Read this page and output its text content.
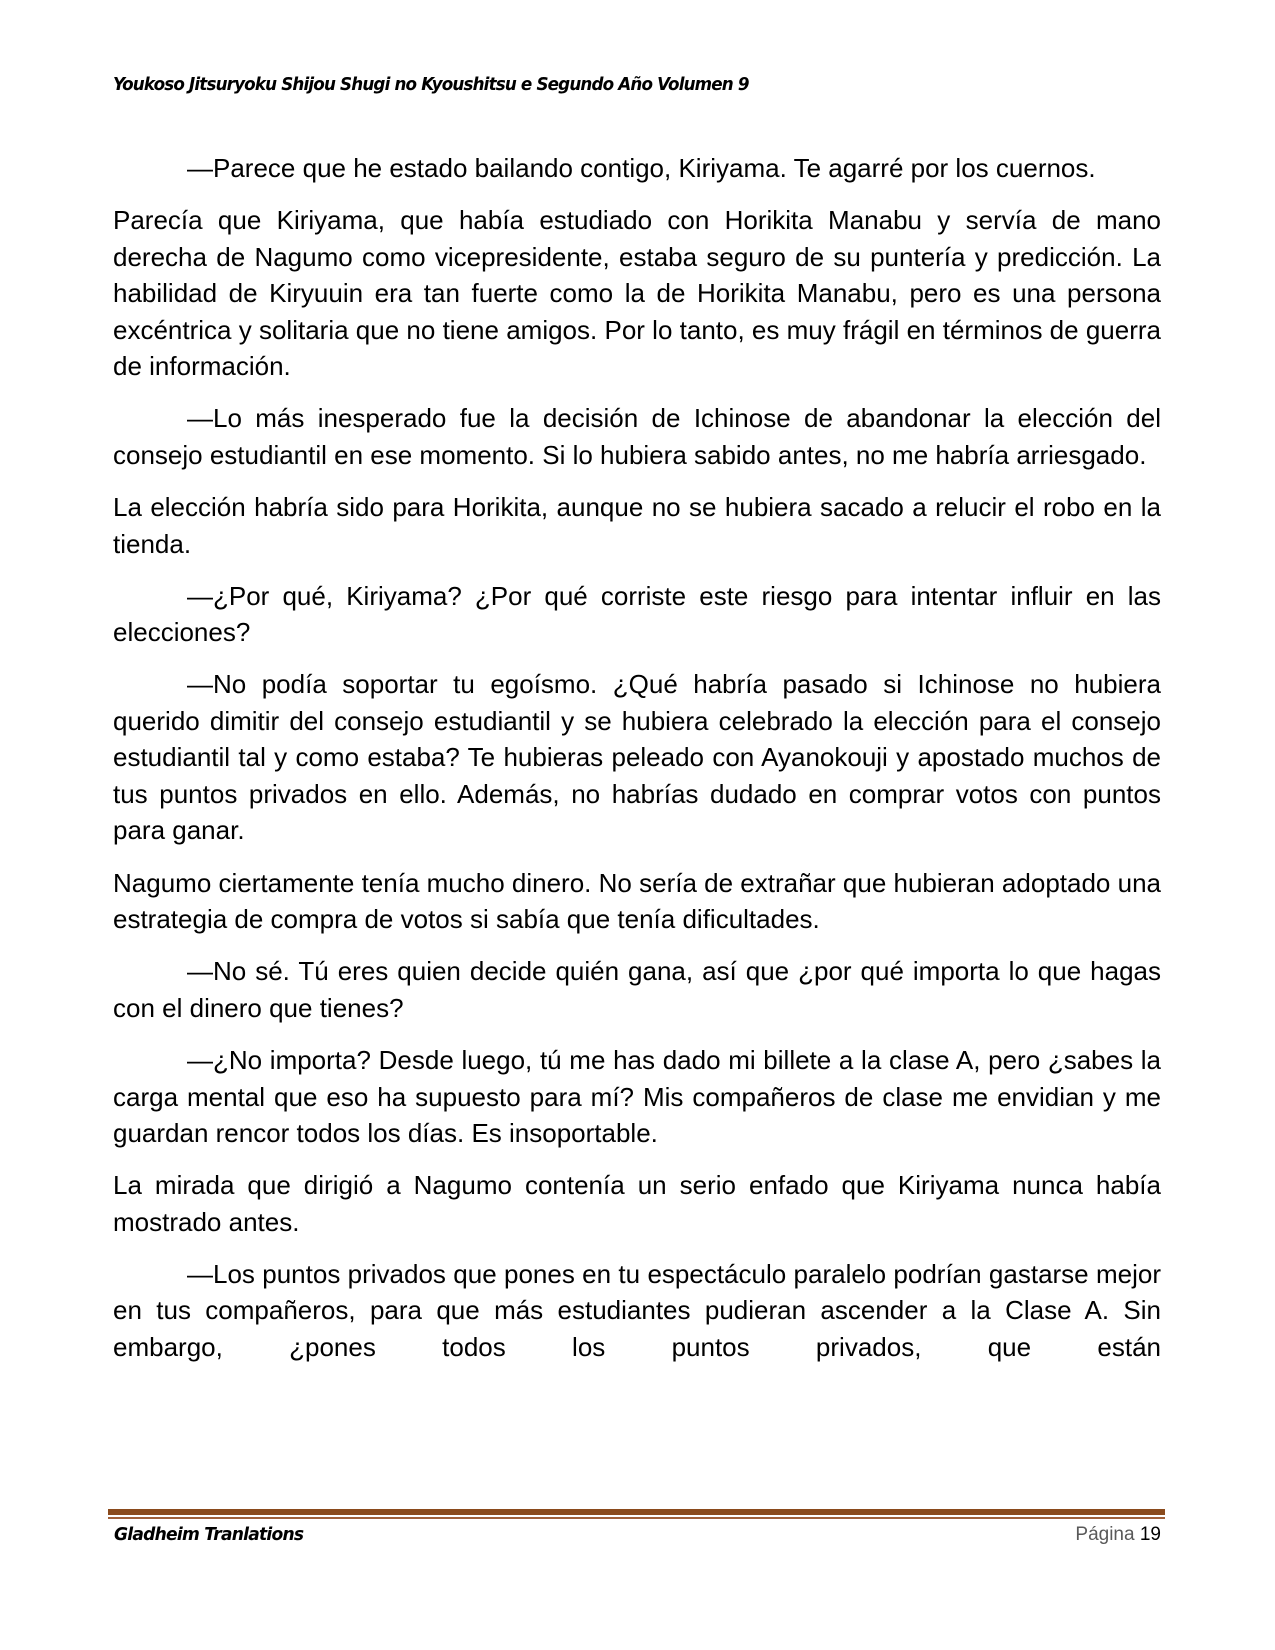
Youkoso Jitsuryoku Shijou Shugi no Kyoushitsu e Segundo Año Volumen 9

—Parece que he estado bailando contigo, Kiriyama. Te agarré por los cuernos.

Parecía que Kiriyama, que había estudiado con Horikita Manabu y servía de mano derecha de Nagumo como vicepresidente, estaba seguro de su puntería y predicción. La habilidad de Kiryuuin era tan fuerte como la de Horikita Manabu, pero es una persona excéntrica y solitaria que no tiene amigos. Por lo tanto, es muy frágil en términos de guerra de información.

—Lo más inesperado fue la decisión de Ichinose de abandonar la elección del consejo estudiantil en ese momento. Si lo hubiera sabido antes, no me habría arriesgado.

La elección habría sido para Horikita, aunque no se hubiera sacado a relucir el robo en la tienda.

—¿Por qué, Kiriyama? ¿Por qué corriste este riesgo para intentar influir en las elecciones?

—No podía soportar tu egoísmo. ¿Qué habría pasado si Ichinose no hubiera querido dimitir del consejo estudiantil y se hubiera celebrado la elección para el consejo estudiantil tal y como estaba? Te hubieras peleado con Ayanokouji y apostado muchos de tus puntos privados en ello. Además, no habrías dudado en comprar votos con puntos para ganar.

Nagumo ciertamente tenía mucho dinero. No sería de extrañar que hubieran adoptado una estrategia de compra de votos si sabía que tenía dificultades.

—No sé. Tú eres quien decide quién gana, así que ¿por qué importa lo que hagas con el dinero que tienes?

—¿No importa? Desde luego, tú me has dado mi billete a la clase A, pero ¿sabes la carga mental que eso ha supuesto para mí? Mis compañeros de clase me envidian y me guardan rencor todos los días. Es insoportable.

La mirada que dirigió a Nagumo contenía un serio enfado que Kiriyama nunca había mostrado antes.

—Los puntos privados que pones en tu espectáculo paralelo podrían gastarse mejor en tus compañeros, para que más estudiantes pudieran ascender a la Clase A. Sin embargo, ¿pones todos los puntos privados, que están

Gladheim Tranlations	Página 19
